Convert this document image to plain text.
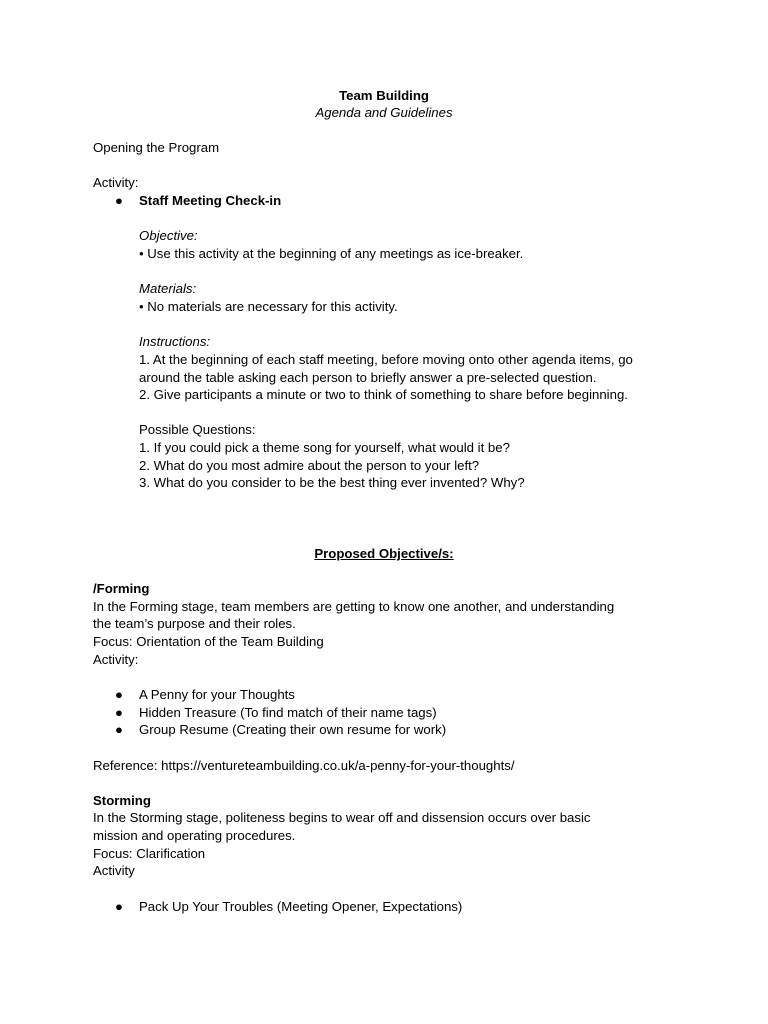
Team Building
Agenda and Guidelines
Opening the Program
Activity:
● Staff Meeting Check-in
Objective:
• Use this activity at the beginning of any meetings as ice-breaker.
Materials:
• No materials are necessary for this activity.
Instructions:
1. At the beginning of each staff meeting, before moving onto other agenda items, go
around the table asking each person to briefly answer a pre-selected question.
2. Give participants a minute or two to think of something to share before beginning.
Possible Questions:
1. If you could pick a theme song for yourself, what would it be?
2. What do you most admire about the person to your left?
3. What do you consider to be the best thing ever invented? Why?
Proposed Objective/s:
/Forming
In the Forming stage, team members are getting to know one another, and understanding
the team’s purpose and their roles.
Focus: Orientation of the Team Building
Activity:
● A Penny for your Thoughts
● Hidden Treasure (To find match of their name tags)
● Group Resume (Creating their own resume for work)
Reference: https://ventureteambuilding.co.uk/a-penny-for-your-thoughts/
Storming
In the Storming stage, politeness begins to wear off and dissension occurs over basic
mission and operating procedures.
Focus: Clarification
Activity
● Pack Up Your Troubles (Meeting Opener, Expectations)
